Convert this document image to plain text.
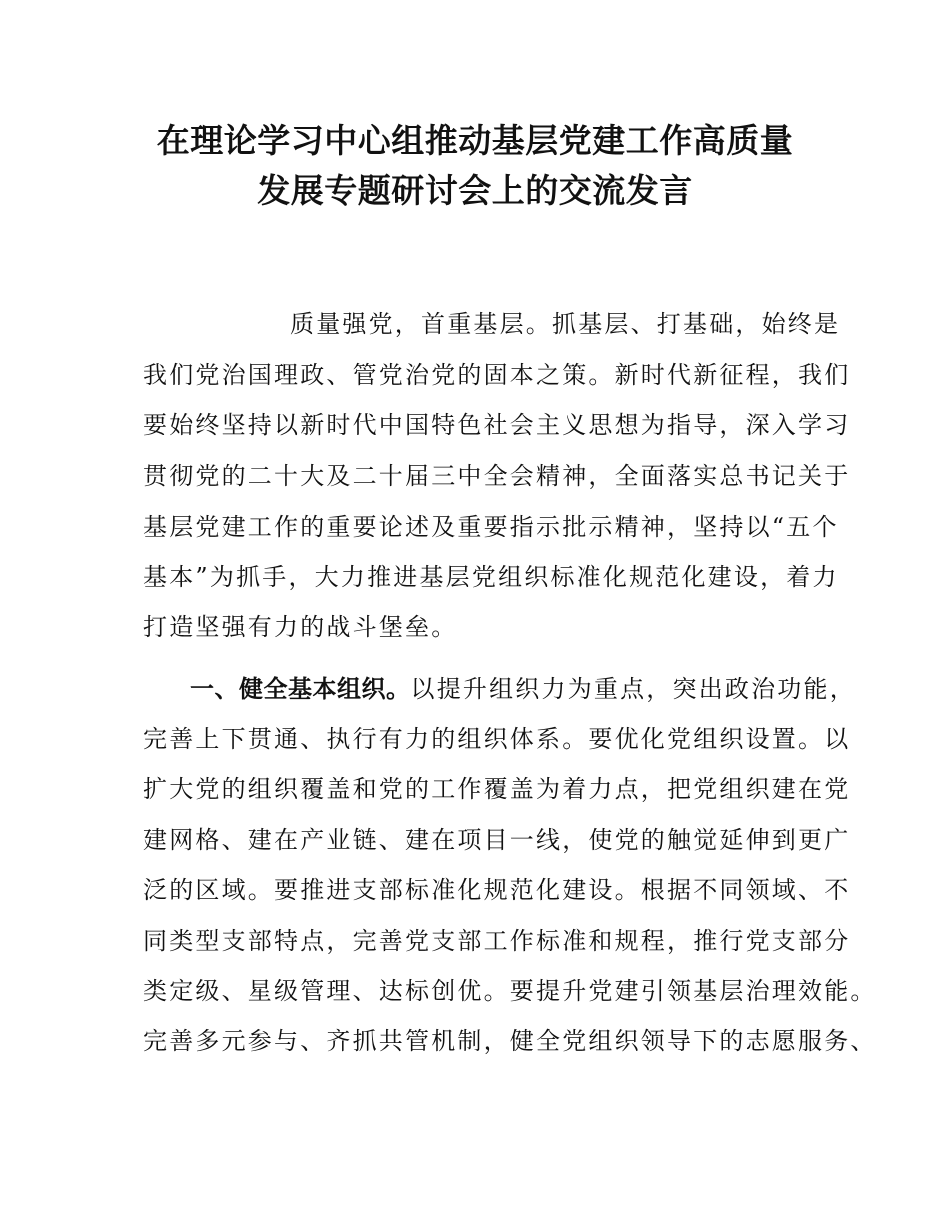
在理论学习中心组推动基层党建工作高质量
发展专题研讨会上的交流发言
质量强党，首重基层。抓基层、打基础，始终是
我们党治国理政、管党治党的固本之策。新时代新征程，我们
要始终坚持以新时代中国特色社会主义思想为指导，深入学习
贯彻党的二十大及二十届三中全会精神，全面落实总书记关于
基层党建工作的重要论述及重要指示批示精神，坚持以“五个
基本”为抓手，大力推进基层党组织标准化规范化建设，着力
打造坚强有力的战斗堡垒。
一、健全基本组织。以提升组织力为重点，突出政治功能，
完善上下贯通、执行有力的组织体系。要优化党组织设置。以
扩大党的组织覆盖和党的工作覆盖为着力点，把党组织建在党
建网格、建在产业链、建在项目一线，使党的触觉延伸到更广
泛的区域。要推进支部标准化规范化建设。根据不同领域、不
同类型支部特点，完善党支部工作标准和规程，推行党支部分
类定级、星级管理、达标创优。要提升党建引领基层治理效能。
完善多元参与、齐抓共管机制，健全党组织领导下的志愿服务、
